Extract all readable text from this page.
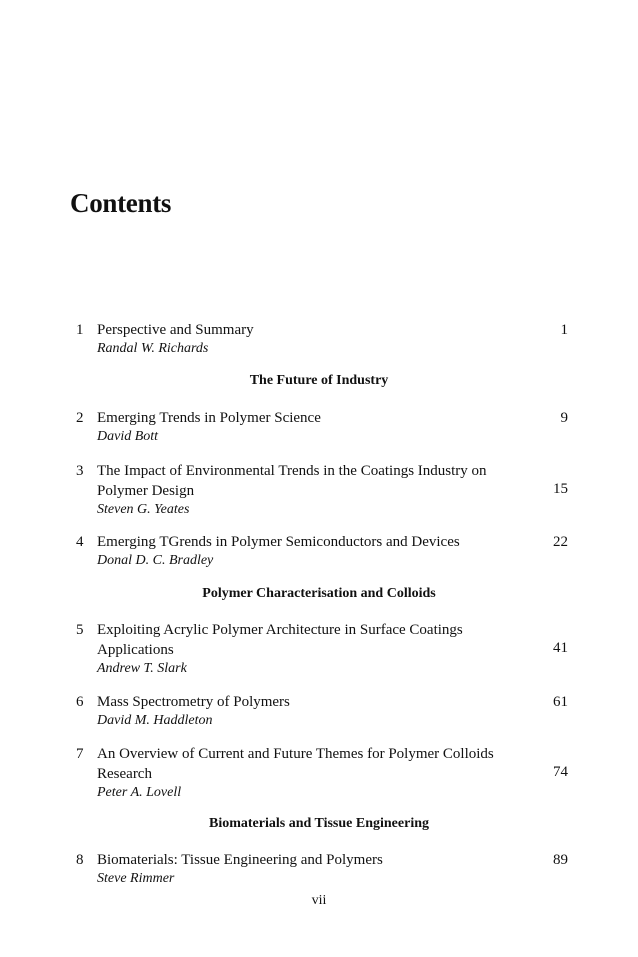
Contents
1 Perspective and Summary
Randal W. Richards
1
The Future of Industry
2 Emerging Trends in Polymer Science
David Bott
9
3 The Impact of Environmental Trends in the Coatings Industry on Polymer Design
Steven G. Yeates
15
4 Emerging TGrends in Polymer Semiconductors and Devices
Donal D. C. Bradley
22
Polymer Characterisation and Colloids
5 Exploiting Acrylic Polymer Architecture in Surface Coatings Applications
Andrew T. Slark
41
6 Mass Spectrometry of Polymers
David M. Haddleton
61
7 An Overview of Current and Future Themes for Polymer Colloids Research
Peter A. Lovell
74
Biomaterials and Tissue Engineering
8 Biomaterials: Tissue Engineering and Polymers
Steve Rimmer
89
vii
